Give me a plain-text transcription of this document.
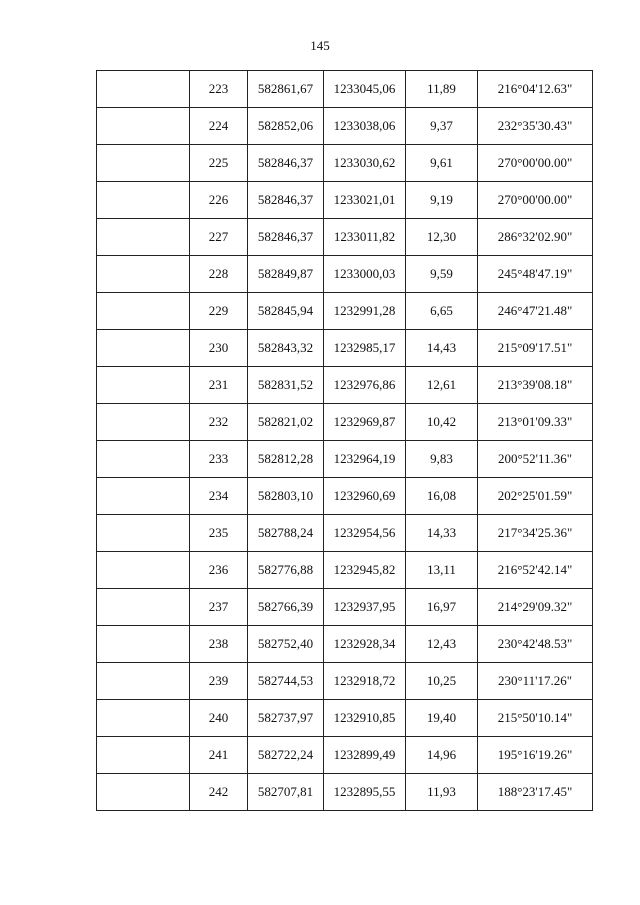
145
	223	582861,67	1233045,06	11,89	216°04'12.63"
	224	582852,06	1233038,06	9,37	232°35'30.43"
	225	582846,37	1233030,62	9,61	270°00'00.00"
	226	582846,37	1233021,01	9,19	270°00'00.00"
	227	582846,37	1233011,82	12,30	286°32'02.90"
	228	582849,87	1233000,03	9,59	245°48'47.19"
	229	582845,94	1232991,28	6,65	246°47'21.48"
	230	582843,32	1232985,17	14,43	215°09'17.51"
	231	582831,52	1232976,86	12,61	213°39'08.18"
	232	582821,02	1232969,87	10,42	213°01'09.33"
	233	582812,28	1232964,19	9,83	200°52'11.36"
	234	582803,10	1232960,69	16,08	202°25'01.59"
	235	582788,24	1232954,56	14,33	217°34'25.36"
	236	582776,88	1232945,82	13,11	216°52'42.14"
	237	582766,39	1232937,95	16,97	214°29'09.32"
	238	582752,40	1232928,34	12,43	230°42'48.53"
	239	582744,53	1232918,72	10,25	230°11'17.26"
	240	582737,97	1232910,85	19,40	215°50'10.14"
	241	582722,24	1232899,49	14,96	195°16'19.26"
	242	582707,81	1232895,55	11,93	188°23'17.45"
